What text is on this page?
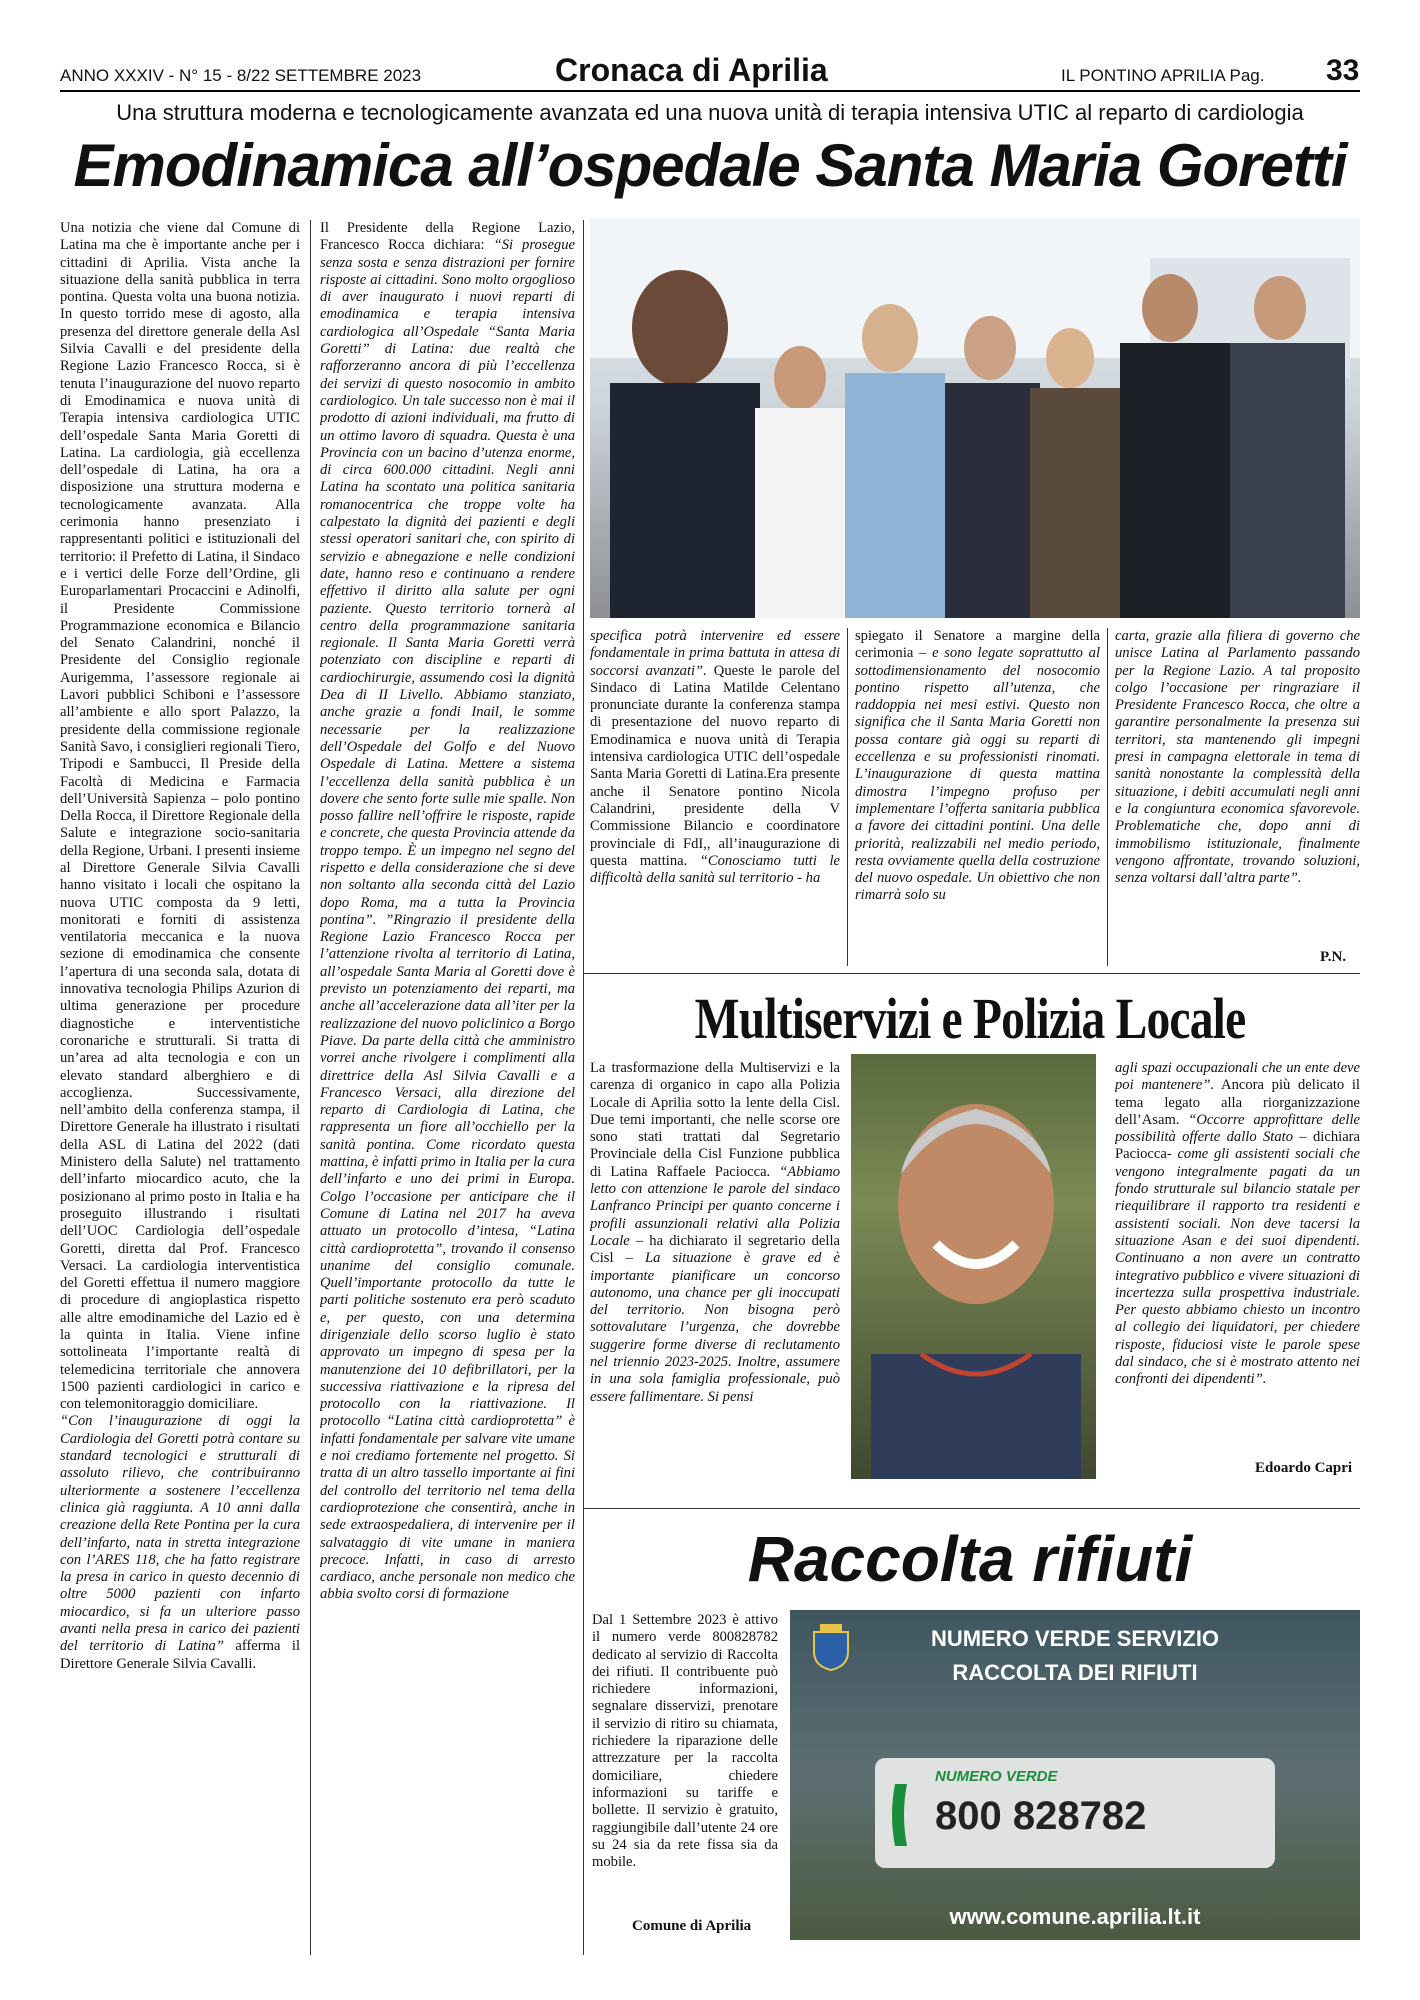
ANNO XXXIV - N° 15 - 8/22 SETTEMBRE 2023	Cronaca di Aprilia	IL PONTINO APRILIA Pag. 33
Una struttura moderna e tecnologicamente avanzata ed una nuova unità di terapia intensiva UTIC al reparto di cardiologia
Emodinamica all’ospedale Santa Maria Goretti

Una notizia che viene dal Comune di Latina ma che è importante anche per i cittadini di Aprilia. Vista anche la situazione della sanità pubblica in terra pontina. Questa volta una buona notizia. In questo torrido mese di agosto, alla presenza del direttore generale della Asl Silvia Cavalli e del presidente della Regione Lazio Francesco Rocca, si è tenuta l’inaugurazione del nuovo reparto di Emodinamica e nuova unità di Terapia intensiva cardiologica UTIC dell’ospedale Santa Maria Goretti di Latina. La cardiologia, già eccellenza dell’ospedale di Latina, ha ora a disposizione una struttura moderna e tecnologicamente avanzata. Alla cerimonia hanno presenziato i rappresentanti politici e istituzionali del territorio: il Prefetto di Latina, il Sindaco e i vertici delle Forze dell’Ordine, gli Europarlamentari Procaccini e Adinolfi, il Presidente Commissione Programmazione economica e Bilancio del Senato Calandrini, nonché il Presidente del Consiglio regionale Aurigemma, l’assessore regionale ai Lavori pubblici Schiboni e l’assessore all’ambiente e allo sport Palazzo, la presidente della commissione regionale Sanità Savo, i consiglieri regionali Tiero, Tripodi e Sambucci, Il Preside della Facoltà di Medicina e Farmacia dell’Università Sapienza – polo pontino Della Rocca, il Direttore Regionale della Salute e integrazione socio-sanitaria della Regione, Urbani. I presenti insieme al Direttore Generale Silvia Cavalli hanno visitato i locali che ospitano la nuova UTIC composta da 9 letti, monitorati e forniti di assistenza ventilatoria meccanica e la nuova sezione di emodinamica che consente l’apertura di una seconda sala, dotata di innovativa tecnologia Philips Azurion di ultima generazione per procedure diagnostiche e interventistiche coronariche e strutturali. Si tratta di un’area ad alta tecnologia e con un elevato standard alberghiero e di accoglienza. Successivamente, nell’ambito della conferenza stampa, il Direttore Generale ha illustrato i risultati della ASL di Latina del 2022 (dati Ministero della Salute) nel trattamento dell’infarto miocardico acuto, che la posizionano al primo posto in Italia e ha proseguito illustrando i risultati dell’UOC Cardiologia dell’ospedale Goretti, diretta dal Prof. Francesco Versaci. La cardiologia interventistica del Goretti effettua il numero maggiore di procedure di angioplastica rispetto alle altre emodinamiche del Lazio ed è la quinta in Italia. Viene infine sottolineata l’importante realtà di telemedicina territoriale che annovera 1500 pazienti cardiologici in carico e con telemonitoraggio domiciliare.

“Con l’inaugurazione di oggi la Cardiologia del Goretti potrà contare su standard tecnologici e strutturali di assoluto rilievo, che contribuiranno ulteriormente a sostenere l’eccellenza clinica già raggiunta. A 10 anni dalla creazione della Rete Pontina per la cura dell’infarto, nata in stretta integrazione con l’ARES 118, che ha fatto registrare la presa in carico in questo decennio di oltre 5000 pazienti con infarto miocardico, si fa un ulteriore passo avanti nella presa in carico dei pazienti del territorio di Latina” afferma il Direttore Generale Silvia Cavalli.

Il Presidente della Regione Lazio, Francesco Rocca dichiara: “Si prosegue senza sosta e senza distrazioni per fornire risposte ai cittadini. Sono molto orgoglioso di aver inaugurato i nuovi reparti di emodinamica e terapia intensiva cardiologica all’Ospedale “Santa Maria Goretti” di Latina: due realtà che rafforzeranno ancora di più l’eccellenza dei servizi di questo nosocomio in ambito cardiologico. Un tale successo non è mai il prodotto di azioni individuali, ma frutto di un ottimo lavoro di squadra. Questa è una Provincia con un bacino d’utenza enorme, di circa 600.000 cittadini. Negli anni Latina ha scontato una politica sanitaria romanocentrica che troppe volte ha calpestato la dignità dei pazienti e degli stessi operatori sanitari che, con spirito di servizio e abnegazione e nelle condizioni date, hanno reso e continuano a rendere effettivo il diritto alla salute per ogni paziente. Questo territorio tornerà al centro della programmazione sanitaria regionale. Il Santa Maria Goretti verrà potenziato con discipline e reparti di cardiochirurgie, assumendo così la dignità Dea di II Livello. Abbiamo stanziato, anche grazie a fondi Inail, le somme necessarie per la realizzazione dell’Ospedale del Golfo e del Nuovo Ospedale di Latina. Mettere a sistema l’eccellenza della sanità pubblica è un dovere che sento forte sulle mie spalle. Non posso fallire nell’offrire le risposte, rapide e concrete, che questa Provincia attende da troppo tempo. È un impegno nel segno del rispetto e della considerazione che si deve non soltanto alla seconda città del Lazio dopo Roma, ma a tutta la Provincia pontina”. ”Ringrazio il presidente della Regione Lazio Francesco Rocca per l’attenzione rivolta al territorio di Latina, all’ospedale Santa Maria al Goretti dove è previsto un potenziamento dei reparti, ma anche all’accelerazione data all’iter per la realizzazione del nuovo policlinico a Borgo Piave. Da parte della città che amministro vorrei anche rivolgere i complimenti alla direttrice della Asl Silvia Cavalli e a Francesco Versaci, alla direzione del reparto di Cardiologia di Latina, che rappresenta un fiore all’occhiello per la sanità pontina. Come ricordato questa mattina, è infatti primo in Italia per la cura dell’infarto e uno dei primi in Europa. Colgo l’occasione per anticipare che il Comune di Latina nel 2017 ha aveva attuato un protocollo d’intesa, “Latina città cardioprotetta”, trovando il consenso unanime del consiglio comunale. Quell’importante protocollo da tutte le parti politiche sostenuto era però scaduto e, per questo, con una determina dirigenziale dello scorso luglio è stato approvato un impegno di spesa per la manutenzione dei 10 defibrillatori, per la successiva riattivazione e la ripresa del protocollo con la riattivazione. Il protocollo “Latina città cardioprotetta” è infatti fondamentale per salvare vite umane e noi crediamo fortemente nel progetto. Si tratta di un altro tassello importante ai fini del controllo del territorio nel tema della cardioprotezione che consentirà, anche in sede extraospedaliera, di intervenire per il salvataggio di vite umane in maniera precoce. Infatti, in caso di arresto cardiaco, anche personale non medico che abbia svolto corsi di formazione

specifica potrà intervenire ed essere fondamentale in prima battuta in attesa di soccorsi avanzati”. Queste le parole del Sindaco di Latina Matilde Celentano pronunciate durante la conferenza stampa di presentazione del nuovo reparto di Emodinamica e nuova unità di Terapia intensiva cardiologica UTIC dell’ospedale Santa Maria Goretti di Latina.Era presente anche il Senatore pontino Nicola Calandrini, presidente della V Commissione Bilancio e coordinatore provinciale di FdI,, all’inaugurazione di questa mattina. “Conosciamo tutti le difficoltà della sanità sul territorio - ha

spiegato il Senatore a margine della cerimonia – e sono legate soprattutto al sottodimensionamento del nosocomio pontino rispetto all’utenza, che raddoppia nei mesi estivi. Questo non significa che il Santa Maria Goretti non possa contare già oggi su reparti di eccellenza e su professionisti rinomati. L’inaugurazione di questa mattina dimostra l’impegno profuso per implementare l’offerta sanitaria pubblica a favore dei cittadini pontini. Una delle priorità, realizzabili nel medio periodo, resta ovviamente quella della costruzione del nuovo ospedale. Un obiettivo che non rimarrà solo su

carta, grazie alla filiera di governo che unisce Latina al Parlamento passando per la Regione Lazio. A tal proposito colgo l’occasione per ringraziare il Presidente Francesco Rocca, che oltre a garantire personalmente la presenza sui territori, sta mantenendo gli impegni presi in campagna elettorale in tema di sanità nonostante la complessità della situazione, i debiti accumulati negli anni e la congiuntura economica sfavorevole. Problematiche che, dopo anni di immobilismo istituzionale, finalmente vengono affrontate, trovando soluzioni, senza voltarsi dall’altra parte”.

P.N.
Multiservizi e Polizia Locale

La trasformazione della Multiservizi e la carenza di organico in capo alla Polizia Locale di Aprilia sotto la lente della Cisl. Due temi importanti, che nelle scorse ore sono stati trattati dal Segretario Provinciale della Cisl Funzione pubblica di Latina Raffaele Paciocca. “Abbiamo letto con attenzione le parole del sindaco Lanfranco Principi per quanto concerne i profili assunzionali relativi alla Polizia Locale – ha dichiarato il segretario della Cisl – La situazione è grave ed è importante pianificare un concorso autonomo, una chance per gli inoccupati del territorio. Non bisogna però sottovalutare l’urgenza, che dovrebbe suggerire forme diverse di reclutamento nel triennio 2023-2025. Inoltre, assumere in una sola famiglia professionale, può essere fallimentare. Si pensi

agli spazi occupazionali che un ente deve poi mantenere”. Ancora più delicato il tema legato alla riorganizzazione dell’Asam. “Occorre approfittare delle possibilità offerte dallo Stato – dichiara Paciocca- come gli assistenti sociali che vengono integralmente pagati da un fondo strutturale sul bilancio statale per riequilibrare il rapporto tra residenti e assistenti sociali. Non deve tacersi la situazione Asan e dei suoi dipendenti. Continuano a non avere un contratto integrativo pubblico e vivere situazioni di incertezza sulla prospettiva industriale. Per questo abbiamo chiesto un incontro al collegio dei liquidatori, per chiedere risposte, fiduciosi viste le parole spese dal sindaco, che si è mostrato attento nei confronti dei dipendenti”.

Edoardo Capri
Raccolta rifiuti

Dal 1 Settembre 2023 è attivo il numero verde 800828782 dedicato al servizio di Raccolta dei rifiuti. Il contribuente può richiedere informazioni, segnalare disservizi, prenotare il servizio di ritiro su chiamata, richiedere la riparazione delle attrezzature per la raccolta domiciliare, chiedere informazioni su tariffe e bollette. Il servizio è gratuito, raggiungibile dall’utente 24 ore su 24 sia da rete fissa sia da mobile.

Comune di Aprilia
NUMERO VERDE SERVIZIO
RACCOLTA DEI RIFIUTI
NUMERO VERDE
800 828782
www.comune.aprilia.lt.it
